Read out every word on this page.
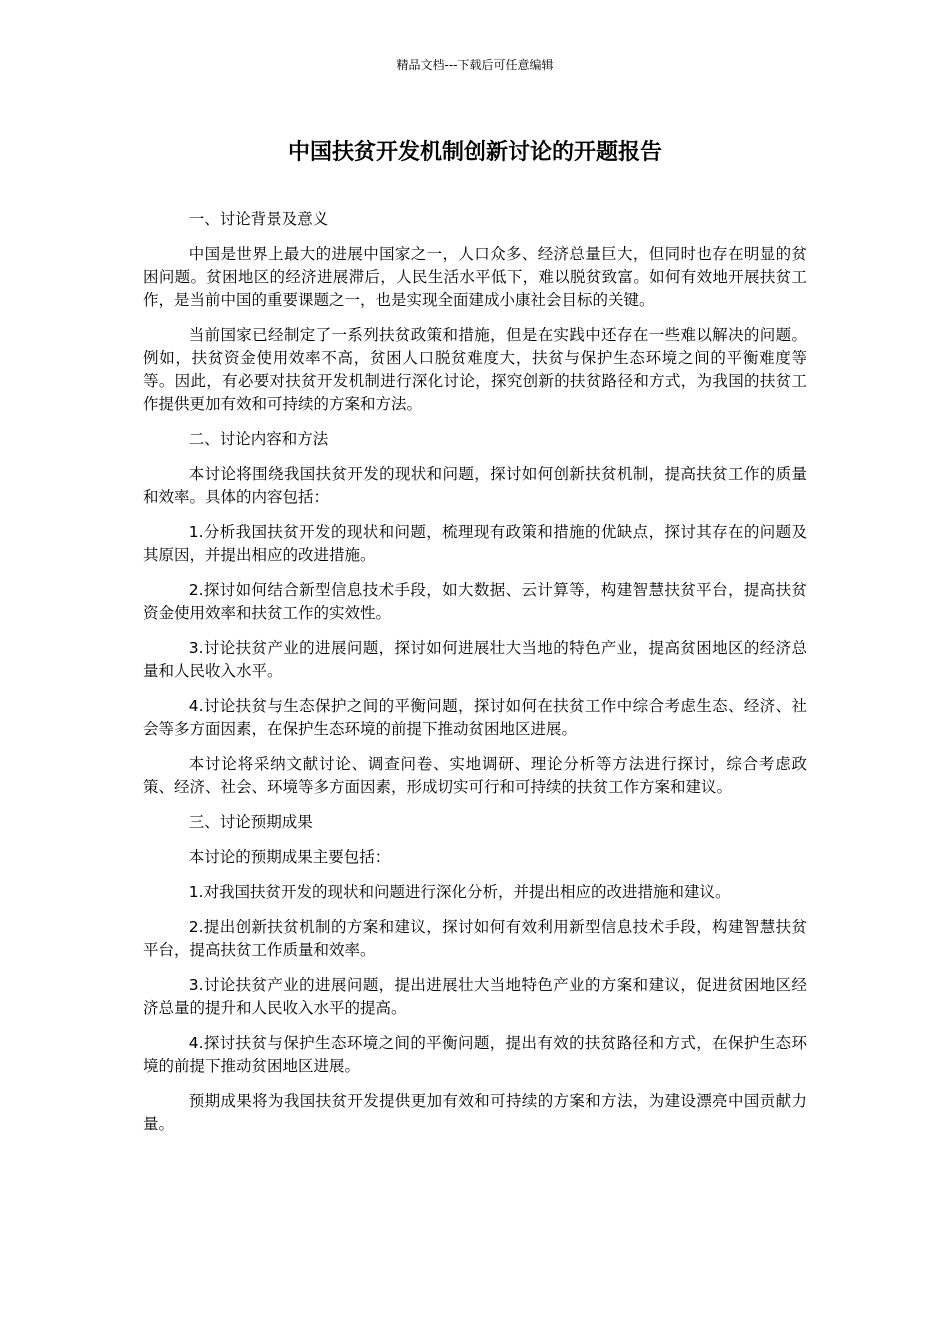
精品文档---下载后可任意编辑
中国扶贫开发机制创新讨论的开题报告

一、讨论背景及意义

中国是世界上最大的进展中国家之一，人口众多、经济总量巨大，但同时也存在明显的贫困问题。贫困地区的经济进展滞后，人民生活水平低下，难以脱贫致富。如何有效地开展扶贫工作，是当前中国的重要课题之一，也是实现全面建成小康社会目标的关键。

当前国家已经制定了一系列扶贫政策和措施，但是在实践中还存在一些难以解决的问题。例如，扶贫资金使用效率不高，贫困人口脱贫难度大，扶贫与保护生态环境之间的平衡难度等等。因此，有必要对扶贫开发机制进行深化讨论，探究创新的扶贫路径和方式，为我国的扶贫工作提供更加有效和可持续的方案和方法。

二、讨论内容和方法

本讨论将围绕我国扶贫开发的现状和问题，探讨如何创新扶贫机制，提高扶贫工作的质量和效率。具体的内容包括：

1.分析我国扶贫开发的现状和问题，梳理现有政策和措施的优缺点，探讨其存在的问题及其原因，并提出相应的改进措施。

2.探讨如何结合新型信息技术手段，如大数据、云计算等，构建智慧扶贫平台，提高扶贫资金使用效率和扶贫工作的实效性。

3.讨论扶贫产业的进展问题，探讨如何进展壮大当地的特色产业，提高贫困地区的经济总量和人民收入水平。

4.讨论扶贫与生态保护之间的平衡问题，探讨如何在扶贫工作中综合考虑生态、经济、社会等多方面因素，在保护生态环境的前提下推动贫困地区进展。

本讨论将采纳文献讨论、调查问卷、实地调研、理论分析等方法进行探讨，综合考虑政策、经济、社会、环境等多方面因素，形成切实可行和可持续的扶贫工作方案和建议。

三、讨论预期成果

本讨论的预期成果主要包括：

1.对我国扶贫开发的现状和问题进行深化分析，并提出相应的改进措施和建议。

2.提出创新扶贫机制的方案和建议，探讨如何有效利用新型信息技术手段，构建智慧扶贫平台，提高扶贫工作质量和效率。

3.讨论扶贫产业的进展问题，提出进展壮大当地特色产业的方案和建议，促进贫困地区经济总量的提升和人民收入水平的提高。

4.探讨扶贫与保护生态环境之间的平衡问题，提出有效的扶贫路径和方式，在保护生态环境的前提下推动贫困地区进展。

预期成果将为我国扶贫开发提供更加有效和可持续的方案和方法，为建设漂亮中国贡献力量。
